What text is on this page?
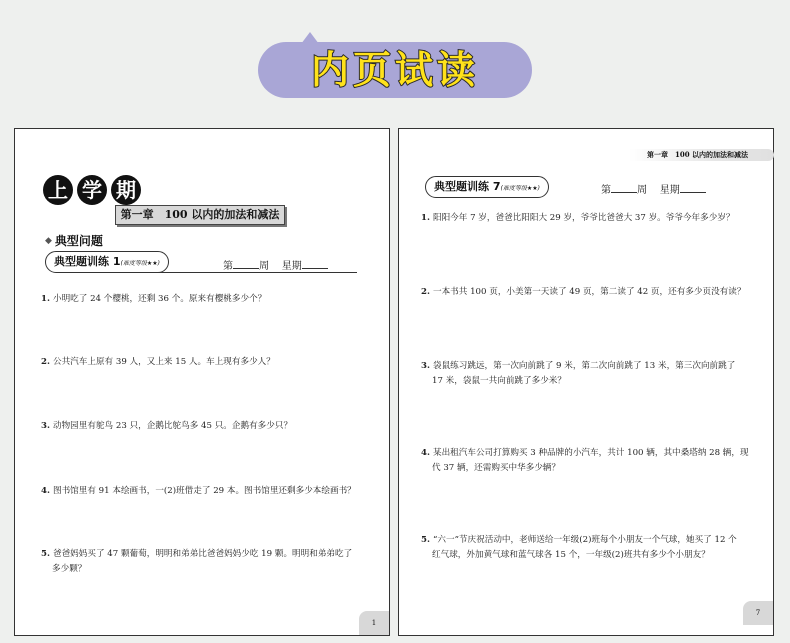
内页试读
上 学 期
第一章　100 以内的加法和减法
◆ 典型问题
典型题训练 1(难度等级★★)	第	周 星期
1. 小明吃了 24 个樱桃，还剩 36 个。原来有樱桃多少个？
2. 公共汽车上原有 39 人，又上来 15 人。车上现有多少人？
3. 动物园里有鸵鸟 23 只，企鹅比鸵鸟多 45 只。企鹅有多少只？
4. 图书馆里有 91 本绘画书，一(2)班借走了 29 本。图书馆里还剩多少本绘画书？
5. 爸爸妈妈买了 47 颗葡萄，明明和弟弟比爸爸妈妈少吃 19 颗。明明和弟弟吃了
多少颗？
1
第一章　100 以内的加法和减法
典型题训练 7(难度等级★★)	第	周 星期
1. 阳阳今年 7 岁，爸爸比阳阳大 29 岁，爷爷比爸爸大 37 岁。爷爷今年多少岁？
2. 一本书共 100 页，小美第一天读了 49 页，第二读了 42 页，还有多少页没有读？
3. 袋鼠练习跳远，第一次向前跳了 9 米，第二次向前跳了 13 米，第三次向前跳了
17 米，袋鼠一共向前跳了多少米？
4. 某出租汽车公司打算购买 3 种品牌的小汽车，共计 100 辆，其中桑塔纳 28 辆，现
代 37 辆，还需购买中华多少辆？
5. “六一”节庆祝活动中，老师送给一年级(2)班每个小朋友一个气球，她买了 12 个
红气球，外加黄气球和蓝气球各 15 个，一年级(2)班共有多少个小朋友？
7
